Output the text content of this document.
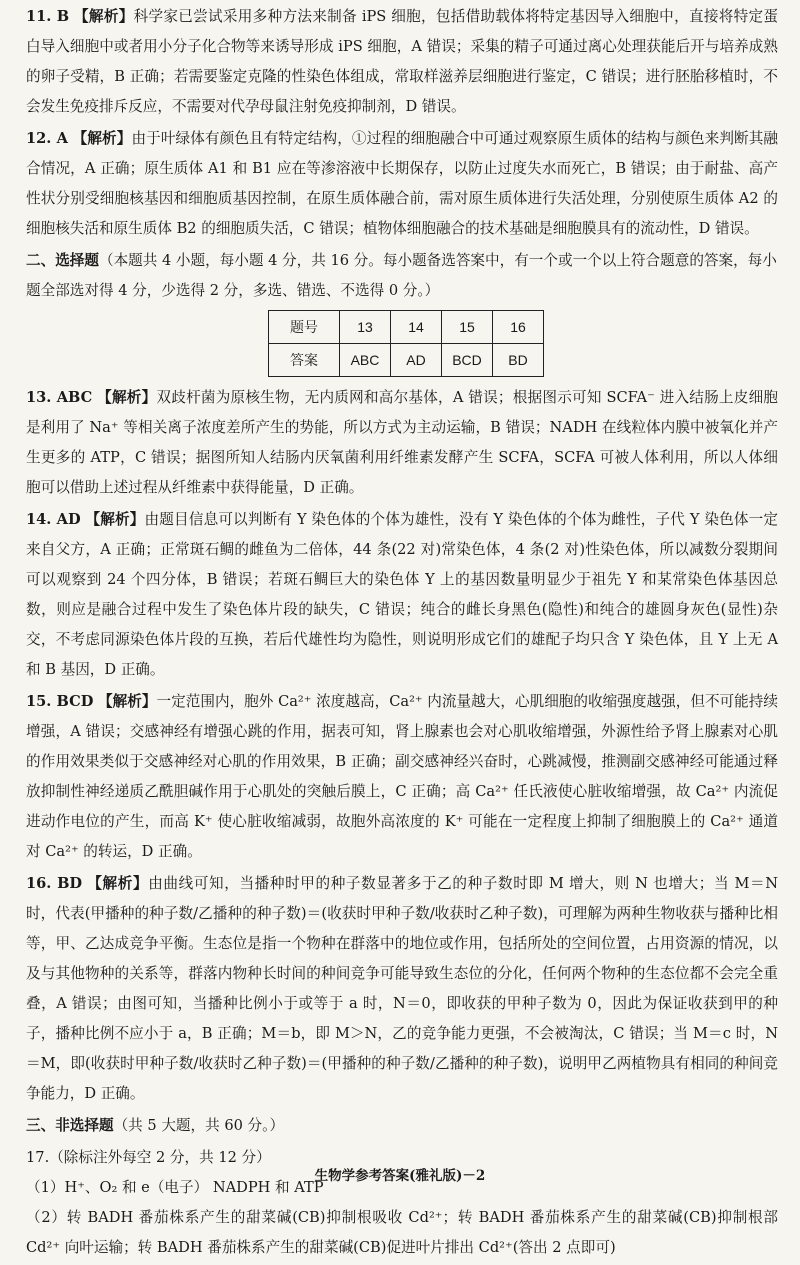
11. B 【解析】科学家已尝试采用多种方法来制备 iPS 细胞，包括借助载体将特定基因导入细胞中，直接将特定蛋白导入细胞中或者用小分子化合物等来诱导形成 iPS 细胞，A 错误；采集的精子可通过离心处理获能后开与培养成熟的卵子受精，B 正确；若需要鉴定克隆的性染色体组成，常取样滋养层细胞进行鉴定，C 错误；进行胚胎移植时，不会发生免疫排斥反应，不需要对代孕母鼠注射免疫抑制剂，D 错误。

12. A 【解析】由于叶绿体有颜色且有特定结构，①过程的细胞融合中可通过观察原生质体的结构与颜色来判断其融合情况，A 正确；原生质体 A1 和 B1 应在等渗溶液中长期保存，以防止过度失水而死亡，B 错误；由于耐盐、高产性状分别受细胞核基因和细胞质基因控制，在原生质体融合前，需对原生质体进行失活处理，分别使原生质体 A2 的细胞核失活和原生质体 B2 的细胞质失活，C 错误；植物体细胞融合的技术基础是细胞膜具有的流动性，D 错误。

二、选择题（本题共 4 小题，每小题 4 分，共 16 分。每小题备选答案中，有一个或一个以上符合题意的答案，每小题全部选对得 4 分，少选得 2 分，多选、错选、不选得 0 分。）

题号	13	14	15	16
答案	ABC	AD	BCD	BD

13. ABC 【解析】双歧杆菌为原核生物，无内质网和高尔基体，A 错误；根据图示可知 SCFA⁻ 进入结肠上皮细胞是利用了 Na⁺ 等相关离子浓度差所产生的势能，所以方式为主动运输，B 错误；NADH 在线粒体内膜中被氧化并产生更多的 ATP，C 错误；据图所知人结肠内厌氧菌利用纤维素发酵产生 SCFA，SCFA 可被人体利用，所以人体细胞可以借助上述过程从纤维素中获得能量，D 正确。

14. AD 【解析】由题目信息可以判断有 Y 染色体的个体为雄性，没有 Y 染色体的个体为雌性，子代 Y 染色体一定来自父方，A 正确；正常斑石鲷的雌鱼为二倍体，44 条(22 对)常染色体，4 条(2 对)性染色体，所以减数分裂期间可以观察到 24 个四分体，B 错误；若斑石鲷巨大的染色体 Y 上的基因数量明显少于祖先 Y 和某常染色体基因总数，则应是融合过程中发生了染色体片段的缺失，C 错误；纯合的雌长身黑色(隐性)和纯合的雄圆身灰色(显性)杂交，不考虑同源染色体片段的互换，若后代雄性均为隐性，则说明形成它们的雄配子均只含 Y 染色体，且 Y 上无 A 和 B 基因，D 正确。

15. BCD 【解析】一定范围内，胞外 Ca²⁺ 浓度越高，Ca²⁺ 内流量越大，心肌细胞的收缩强度越强，但不可能持续增强，A 错误；交感神经有增强心跳的作用，据表可知，肾上腺素也会对心肌收缩增强，外源性给予肾上腺素对心肌的作用效果类似于交感神经对心肌的作用效果，B 正确；副交感神经兴奋时，心跳减慢，推测副交感神经可能通过释放抑制性神经递质乙酰胆碱作用于心肌处的突触后膜上，C 正确；高 Ca²⁺ 任氏液使心脏收缩增强，故 Ca²⁺ 内流促进动作电位的产生，而高 K⁺ 使心脏收缩减弱，故胞外高浓度的 K⁺ 可能在一定程度上抑制了细胞膜上的 Ca²⁺ 通道对 Ca²⁺ 的转运，D 正确。

16. BD 【解析】由曲线可知，当播种时甲的种子数显著多于乙的种子数时即 M 增大，则 N 也增大；当 M＝N 时，代表(甲播种的种子数/乙播种的种子数)＝(收获时甲种子数/收获时乙种子数)，可理解为两种生物收获与播种比相等，甲、乙达成竞争平衡。生态位是指一个物种在群落中的地位或作用，包括所处的空间位置，占用资源的情况，以及与其他物种的关系等，群落内物种长时间的种间竞争可能导致生态位的分化，任何两个物种的生态位都不会完全重叠，A 错误；由图可知，当播种比例小于或等于 a 时，N＝0，即收获的甲种子数为 0，因此为保证收获到甲的种子，播种比例不应小于 a，B 正确；M＝b，即 M＞N，乙的竞争能力更强，不会被淘汰，C 错误；当 M＝c 时，N＝M，即(收获时甲种子数/收获时乙种子数)＝(甲播种的种子数/乙播种的种子数)，说明甲乙两植物具有相同的种间竞争能力，D 正确。

三、非选择题（共 5 大题，共 60 分。）

17.（除标注外每空 2 分，共 12 分）

（1）H⁺、O₂ 和 e（电子） NADPH 和 ATP

（2）转 BADH 番茄株系产生的甜菜碱(CB)抑制根吸收 Cd²⁺；转 BADH 番茄株系产生的甜菜碱(CB)抑制根部 Cd²⁺ 向叶运输；转 BADH 番茄株系产生的甜菜碱(CB)促进叶片排出 Cd²⁺(答出 2 点即可)

生物学参考答案(雅礼版)－2
